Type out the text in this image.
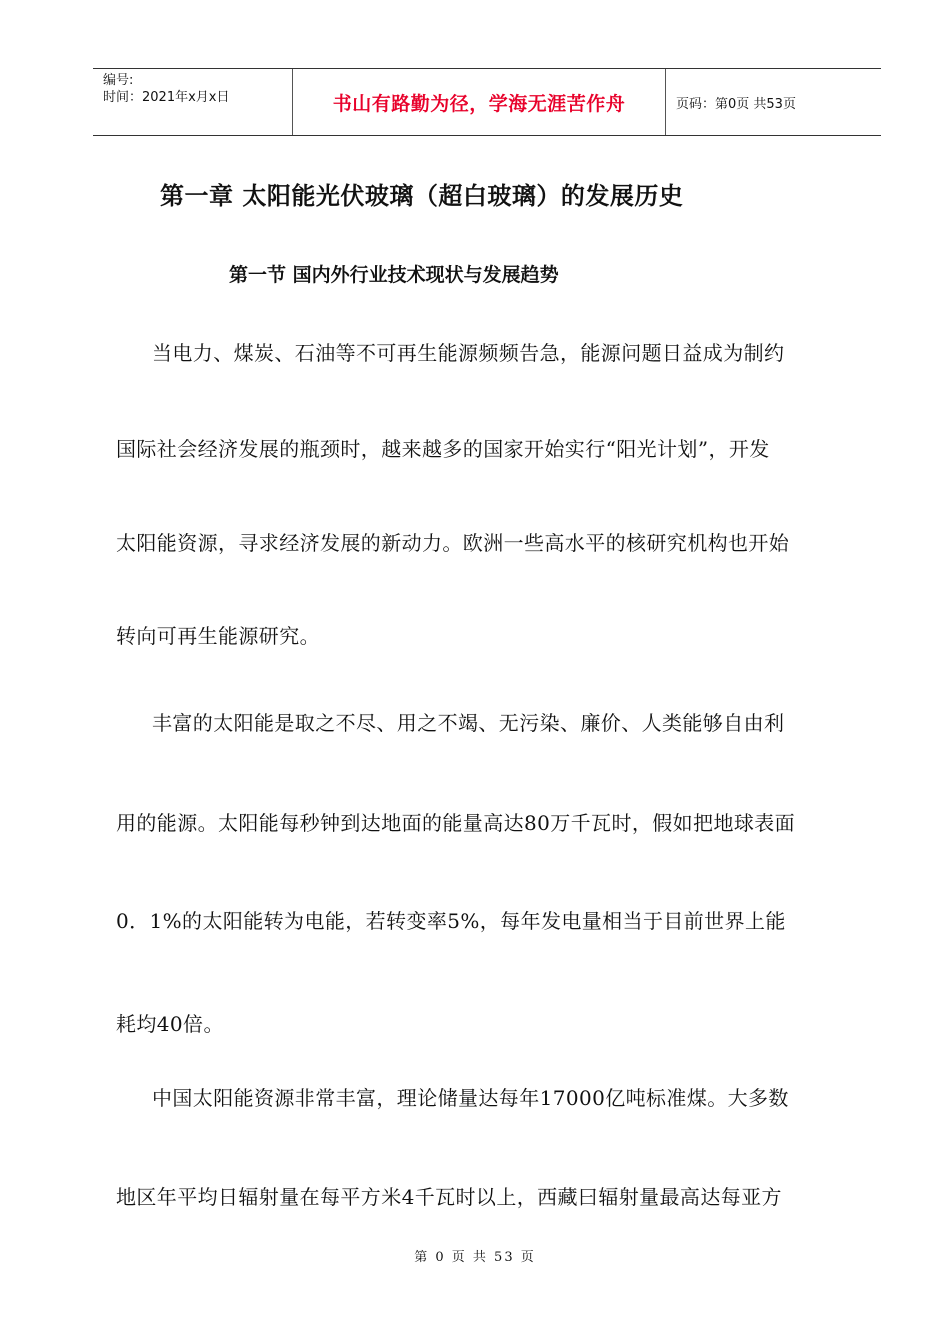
编号:
时间：2021年x月x日	书山有路勤为径，学海无涯苦作舟	页码：第0页 共53页
第一章 太阳能光伏玻璃（超白玻璃）的发展历史
第一节 国内外行业技术现状与发展趋势
当电力、煤炭、石油等不可再生能源频频告急，能源问题日益成为制约
国际社会经济发展的瓶颈时，越来越多的国家开始实行“阳光计划”，开发
太阳能资源，寻求经济发展的新动力。欧洲一些高水平的核研究机构也开始
转向可再生能源研究。
丰富的太阳能是取之不尽、用之不竭、无污染、廉价、人类能够自由利
用的能源。太阳能每秒钟到达地面的能量高达80万千瓦时，假如把地球表面
0．1%的太阳能转为电能，若转变率5%，每年发电量相当于目前世界上能
耗均40倍。
中国太阳能资源非常丰富，理论储量达每年17000亿吨标准煤。大多数
地区年平均日辐射量在每平方米4千瓦时以上，西藏曰辐射量最高达每亚方
第 0 页 共 53 页
